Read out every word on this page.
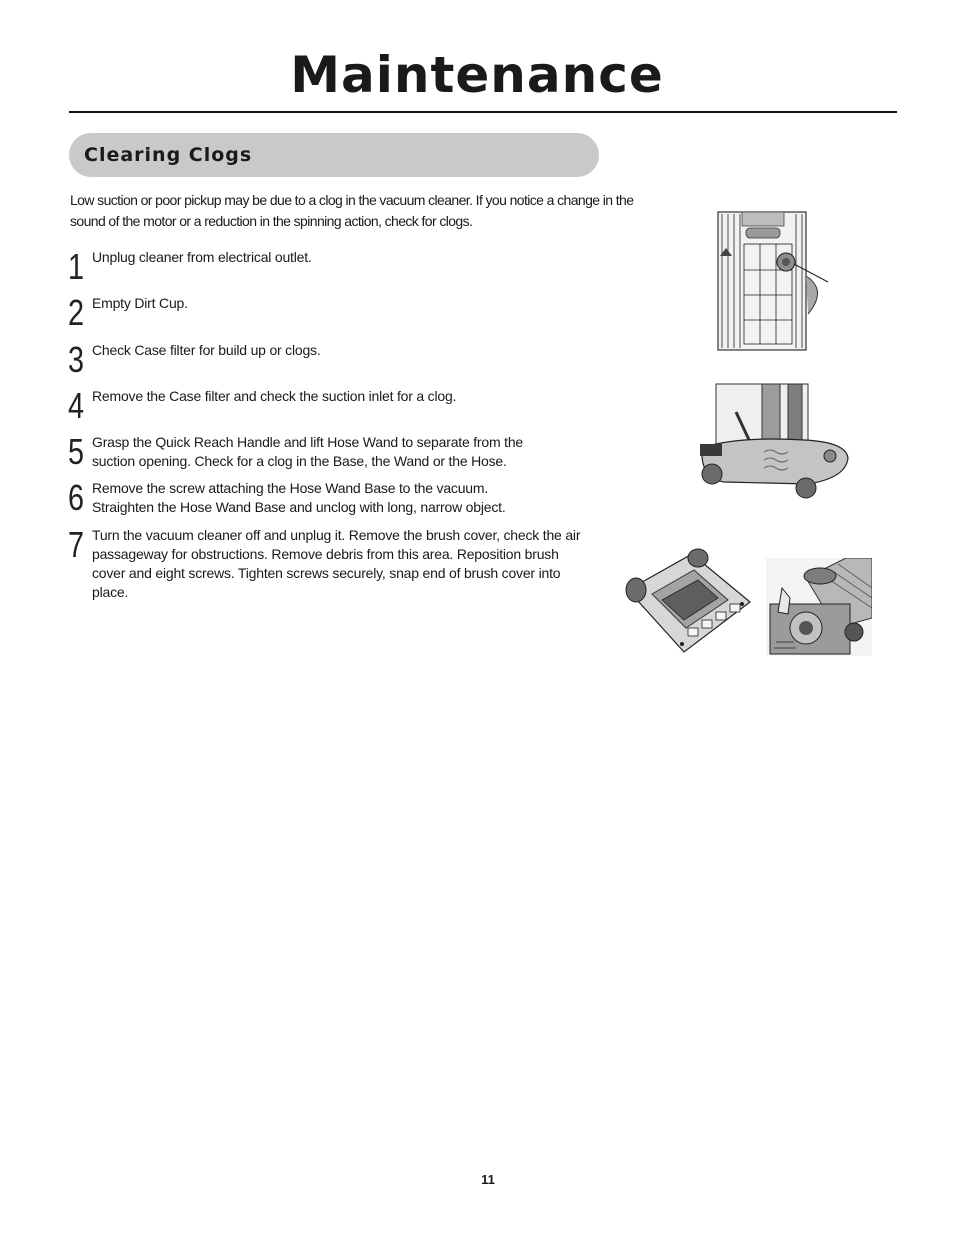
Maintenance
Clearing Clogs

Low suction or poor pickup may be due to a clog in the vacuum cleaner. If you notice a change in the sound of the motor or a reduction in the spinning action, check for clogs.

1 Unplug cleaner from electrical outlet.

2 Empty Dirt Cup.

3 Check Case filter for build up or clogs.

4 Remove the Case filter and check the suction inlet for a clog.

5 Grasp the Quick Reach Handle and lift Hose Wand to separate from the suction opening. Check for a clog in the Base, the Wand or the Hose.

6 Remove the screw attaching the Hose Wand Base to the vacuum. Straighten the Hose Wand Base and unclog with long, narrow object.

7 Turn the vacuum cleaner off and unplug it. Remove the brush cover, check the air passageway for obstructions. Remove debris from this area. Reposition brush cover and eight screws. Tighten screws securely, snap end of brush cover into place.

11
